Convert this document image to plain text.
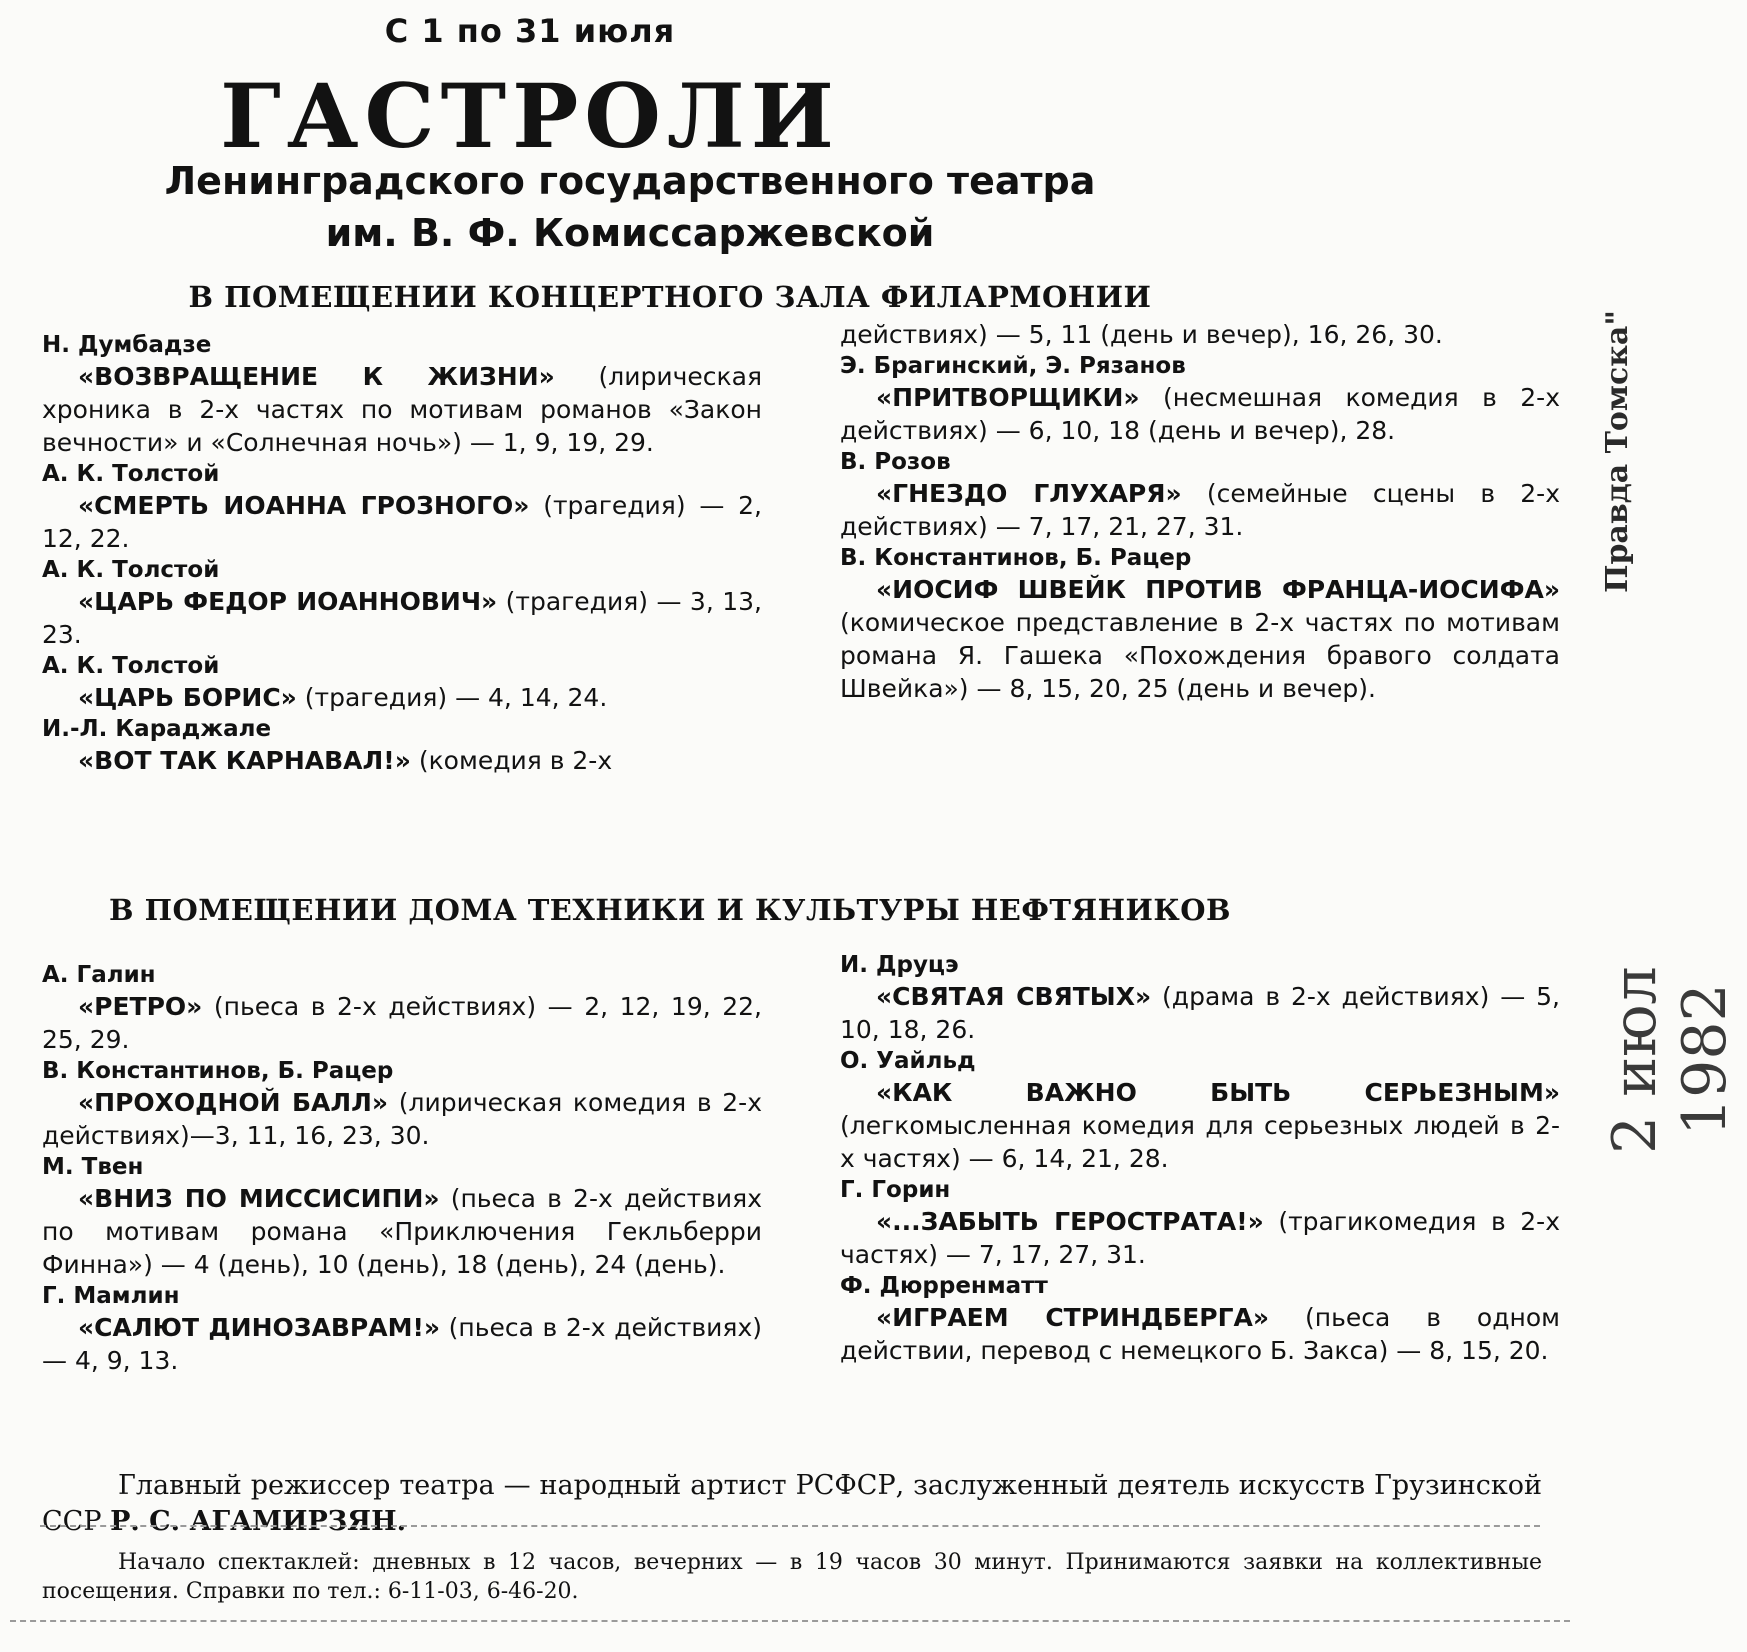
С 1 по 31 июля
ГАСТРОЛИ
Ленинградского государственного театра
им. В. Ф. Комиссаржевской
В ПОМЕЩЕНИИ КОНЦЕРТНОГО ЗАЛА ФИЛАРМОНИИ
Н. Думбадзе
«ВОЗВРАЩЕНИЕ К ЖИЗНИ» (лирическая хроника в 2-х частях по мотивам романов «Закон вечности» и «Солнечная ночь») — 1, 9, 19, 29.
А. К. Толстой
«СМЕРТЬ ИОАННА ГРОЗНОГО» (трагедия) — 2, 12, 22.
А. К. Толстой
«ЦАРЬ ФЕДОР ИОАННОВИЧ» (трагедия) — 3, 13, 23.
А. К. Толстой
«ЦАРЬ БОРИС» (трагедия) — 4, 14, 24.
И.-Л. Караджале
«ВОТ ТАК КАРНАВАЛ!» (комедия в 2-х
действиях) — 5, 11 (день и вечер), 16, 26, 30.
Э. Брагинский, Э. Рязанов
«ПРИТВОРЩИКИ» (несмешная комедия в 2-х действиях) — 6, 10, 18 (день и вечер), 28.
В. Розов
«ГНЕЗДО ГЛУХАРЯ» (семейные сцены в 2-х действиях) — 7, 17, 21, 27, 31.
В. Константинов, Б. Рацер
«ИОСИФ ШВЕЙК ПРОТИВ ФРАНЦА-ИОСИФА» (комическое представление в 2-х частях по мотивам романа Я. Гашека «Похождения бравого солдата Швейка») — 8, 15, 20, 25 (день и вечер).
В ПОМЕЩЕНИИ ДОМА ТЕХНИКИ И КУЛЬТУРЫ НЕФТЯНИКОВ
А. Галин
«РЕТРО» (пьеса в 2-х действиях) — 2, 12, 19, 22, 25, 29.
В. Константинов, Б. Рацер
«ПРОХОДНОЙ БАЛЛ» (лирическая комедия в 2-х действиях)—3, 11, 16, 23, 30.
М. Твен
«ВНИЗ ПО МИССИСИПИ» (пьеса в 2-х действиях по мотивам романа «Приключения Гекльберри Финна») — 4 (день), 10 (день), 18 (день), 24 (день).
Г. Мамлин
«САЛЮТ ДИНОЗАВРАМ!» (пьеса в 2-х действиях) — 4, 9, 13.
И. Друцэ
«СВЯТАЯ СВЯТЫХ» (драма в 2-х действиях) — 5, 10, 18, 26.
О. Уайльд
«КАК ВАЖНО БЫТЬ СЕРЬЕЗНЫМ» (легкомысленная комедия для серьезных людей в 2-х частях) — 6, 14, 21, 28.
Г. Горин
«...ЗАБЫТЬ ГЕРОСТРАТА!» (трагикомедия в 2-х частях) — 7, 17, 27, 31.
Ф. Дюрренматт
«ИГРАЕМ СТРИНДБЕРГА» (пьеса в одном действии, перевод с немецкого Б. Закса) — 8, 15, 20.
Главный режиссер театра — народный артист РСФСР, заслуженный деятель искусств Грузинской ССР Р. С. АГАМИРЗЯН.
Начало спектаклей: дневных в 12 часов, вечерних — в 19 часов 30 минут. Принимаются заявки на коллективные посещения. Справки по тел.: 6-11-03, 6-46-20.
Правда Томска"
2 июл 1982
